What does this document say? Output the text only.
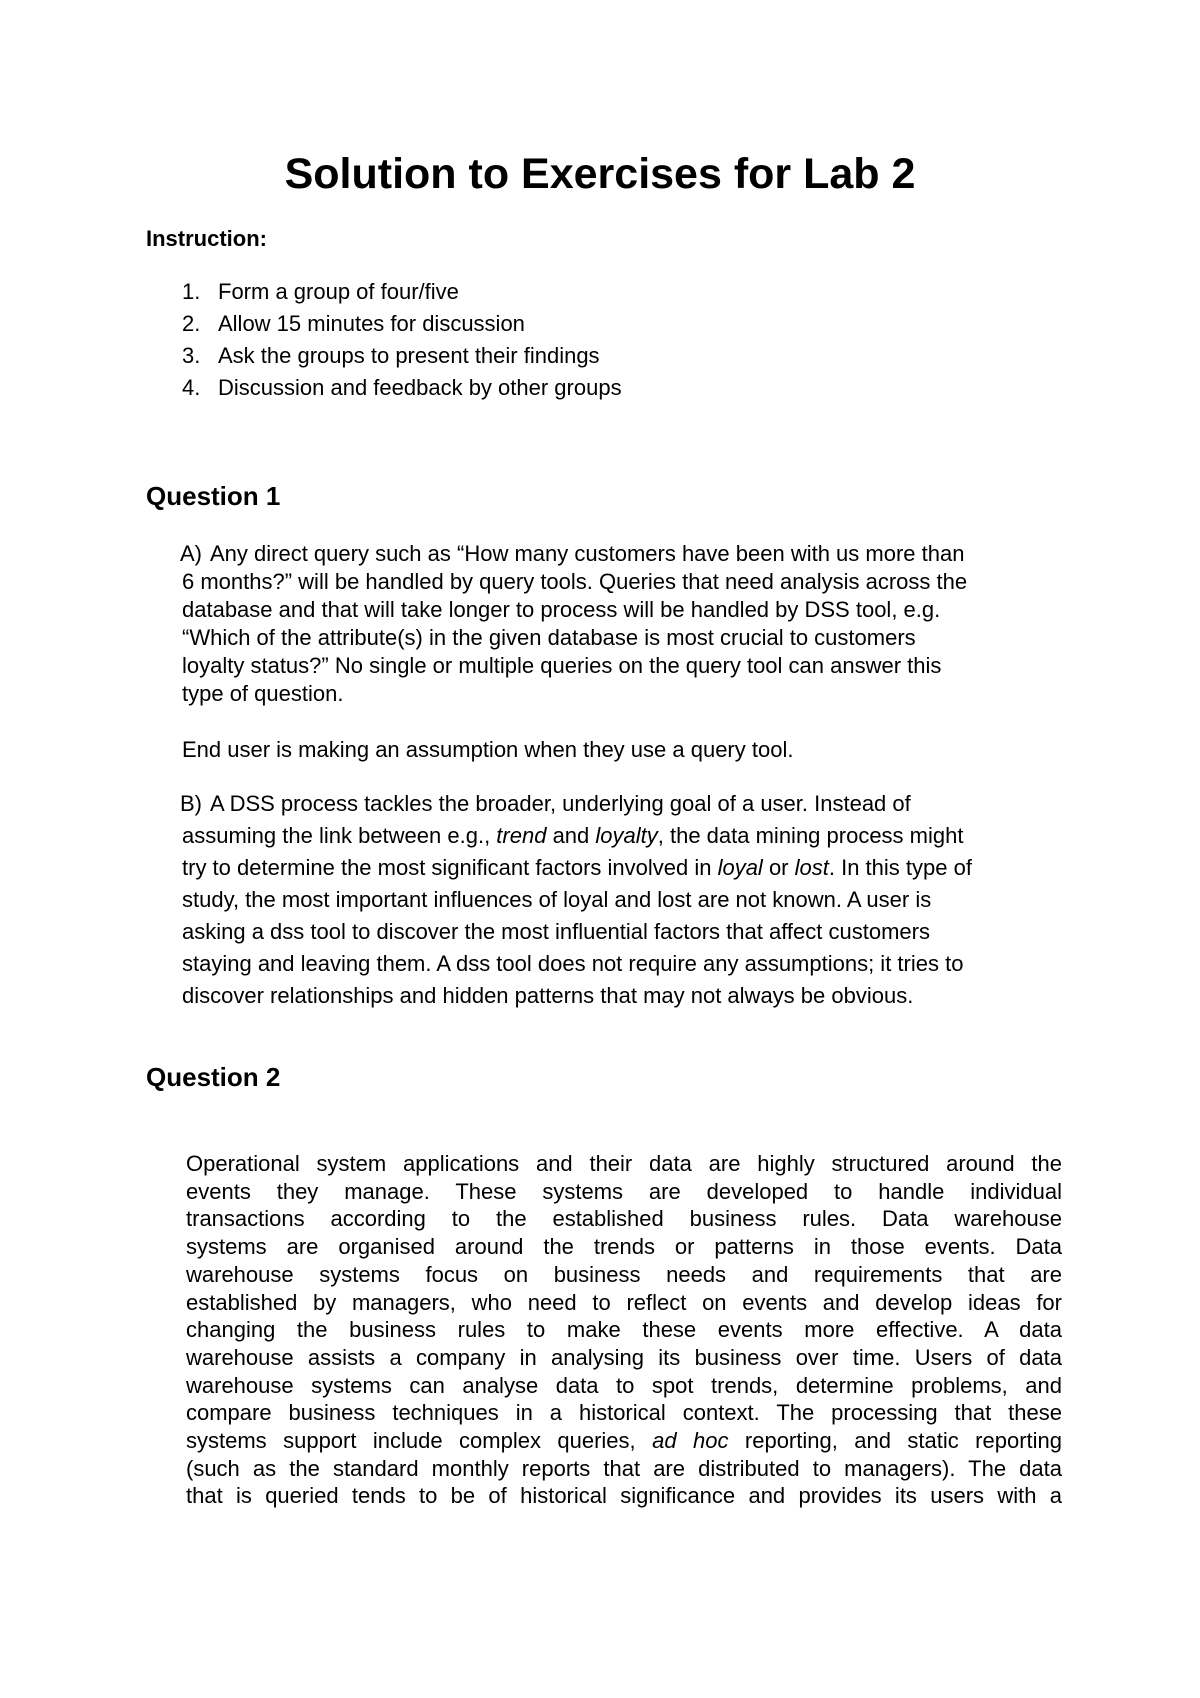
Solution to Exercises for Lab 2

Instruction:

1. Form a group of four/five
2. Allow 15 minutes for discussion
3. Ask the groups to present their findings
4. Discussion and feedback by other groups
Question 1
A) Any direct query such as “How many customers have been with us more than
6 months?” will be handled by query tools. Queries that need analysis across the
database and that will take longer to process will be handled by DSS tool, e.g.
“Which of the attribute(s) in the given database is most crucial to customers
loyalty status?” No single or multiple queries on the query tool can answer this
type of question.

End user is making an assumption when they use a query tool.

B) A DSS process tackles the broader, underlying goal of a user. Instead of
assuming the link between e.g., trend and loyalty, the data mining process might
try to determine the most significant factors involved in loyal or lost. In this type of
study, the most important influences of loyal and lost are not known. A user is
asking a dss tool to discover the most influential factors that affect customers
staying and leaving them. A dss tool does not require any assumptions; it tries to
discover relationships and hidden patterns that may not always be obvious.
Question 2
Operational system applications and their data are highly structured around the
events they manage. These systems are developed to handle individual
transactions according to the established business rules. Data warehouse
systems are organised around the trends or patterns in those events. Data
warehouse systems focus on business needs and requirements that are
established by managers, who need to reflect on events and develop ideas for
changing the business rules to make these events more effective. A data
warehouse assists a company in analysing its business over time. Users of data
warehouse systems can analyse data to spot trends, determine problems, and
compare business techniques in a historical context. The processing that these
systems support include complex queries, ad hoc reporting, and static reporting
(such as the standard monthly reports that are distributed to managers). The data
that is queried tends to be of historical significance and provides its users with a
